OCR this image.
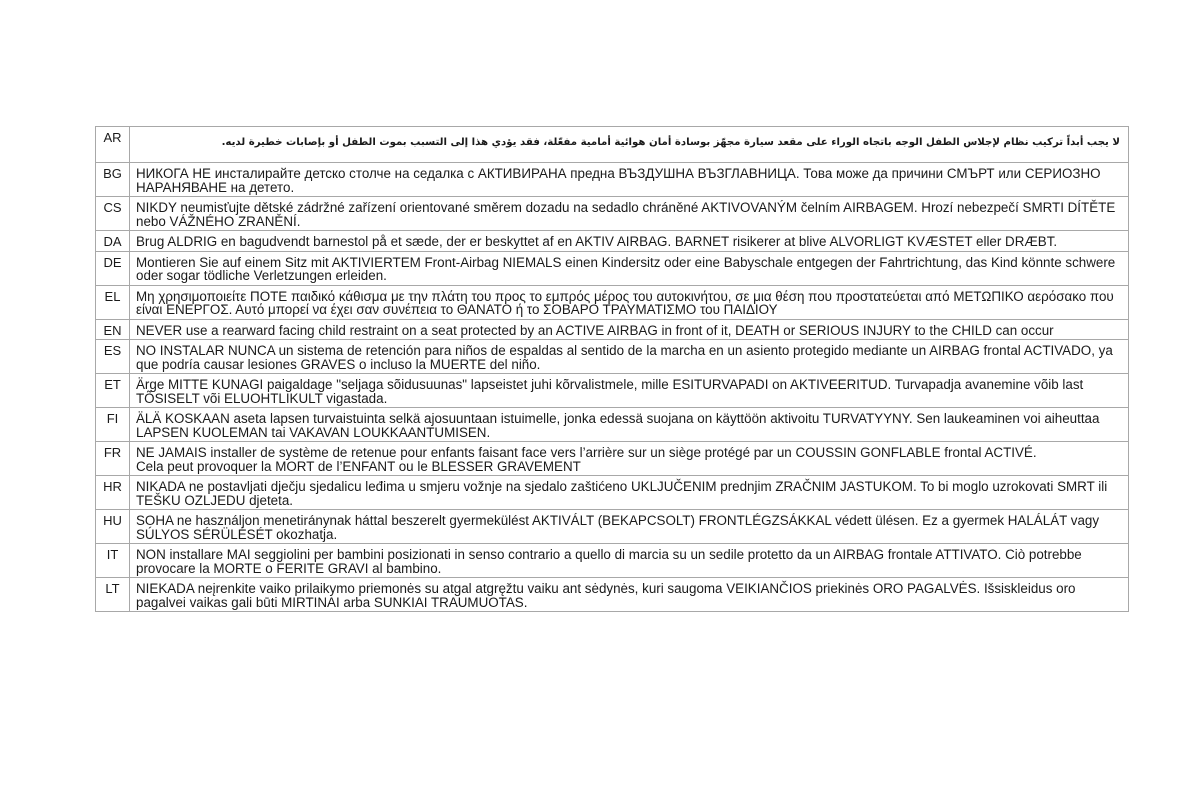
AR	لا يجب أبداً تركيب نظام لإجلاس الطفل الوجه باتجاه الوراء على مقعد سيارة مجهّز بوسادة أمان هوائية أمامية مفعّلة، فقد يؤدي هذا إلى التسبب بموت الطفل أو بإصابات خطيرة لديه.
BG	НИКОГА НЕ инсталирайте детско столче на седалка с АКТИВИРАНА предна ВЪЗДУШНА ВЪЗГЛАВНИЦА. Това може да причини СМЪРТ или СЕРИОЗНО НАРАНЯВАНЕ на детето.
CS	NIKDY neumisťujte dětské zádržné zařízení orientované směrem dozadu na sedadlo chráněné AKTIVOVANÝM čelním AIRBAGEM. Hrozí nebezpečí SMRTI DÍTĚTE nebo VÁŽNÉHO ZRANĚNÍ.
DA	Brug ALDRIG en bagudvendt barnestol på et sæde, der er beskyttet af en AKTIV AIRBAG. BARNET risikerer at blive ALVORLIGT KVÆSTET eller DRÆBT.
DE	Montieren Sie auf einem Sitz mit AKTIVIERTEM Front-Airbag NIEMALS einen Kindersitz oder eine Babyschale entgegen der Fahrtrichtung, das Kind könnte schwere oder sogar tödliche Verletzungen erleiden.
EL	Μη χρησιμοποιείτε ΠΟΤΕ παιδικό κάθισμα με την πλάτη του προς το εμπρός μέρος του αυτοκινήτου, σε μια θέση που προστατεύεται από ΜΕΤΩΠΙΚΟ αερόσακο που είναι ΕΝΕΡΓΟΣ. Αυτό μπορεί να έχει σαν συνέπεια το ΘΑΝΑΤΟ ή το ΣΟΒΑΡΟ ΤΡΑΥΜΑΤΙΣΜΟ του ΠΑΙΔΙΟΥ
EN	NEVER use a rearward facing child restraint on a seat protected by an ACTIVE AIRBAG in front of it, DEATH or SERIOUS INJURY to the CHILD can occur
ES	NO INSTALAR NUNCA un sistema de retención para niños de espaldas al sentido de la marcha en un asiento protegido mediante un AIRBAG frontal ACTIVADO, ya que podría causar lesiones GRAVES o incluso la MUERTE del niño.
ET	Ärge MITTE KUNAGI paigaldage "seljaga sõidusuunas" lapseistet juhi kõrvalistmele, mille ESITURVAPADI on AKTIVEERITUD. Turvapadja avanemine võib last TÕSISELT või ELUOHTLIKULT vigastada.
FI	ÄLÄ KOSKAAN aseta lapsen turvaistuinta selkä ajosuuntaan istuimelle, jonka edessä suojana on käyttöön aktivoitu TURVATYYNY. Sen laukeaminen voi aiheuttaa LAPSEN KUOLEMAN tai VAKAVAN LOUKKAANTUMISEN.
FR	NE JAMAIS installer de système de retenue pour enfants faisant face vers l’arrière sur un siège protégé par un COUSSIN GONFLABLE frontal ACTIVÉ.
Cela peut provoquer la MORT de l’ENFANT ou le BLESSER GRAVEMENT

HR	NIKADA ne postavljati dječju sjedalicu leđima u smjeru vožnje na sjedalo zaštićeno UKLJUČENIM prednjim ZRAČNIM JASTUKOM. To bi moglo uzrokovati SMRT ili TEŠKU OZLJEDU djeteta.
HU	SOHA ne használjon menetiránynak háttal beszerelt gyermekülést AKTIVÁLT (BEKAPCSOLT) FRONTLÉGZSÁKKAL védett ülésen. Ez a gyermek HALÁLÁT vagy SÚLYOS SÉRÜLÉSÉT okozhatja.
IT	NON installare MAI seggiolini per bambini posizionati in senso contrario a quello di marcia su un sedile protetto da un AIRBAG frontale ATTIVATO. Ciò potrebbe provocare la MORTE o FERITE GRAVI al bambino.
LT	NIEKADA neįrenkite vaiko prilaikymo priemonės su atgal atgręžtu vaiku ant sėdynės, kuri saugoma VEIKIANČIOS priekinės ORO PAGALVĖS. Išsiskleidus oro pagalvei vaikas gali būti MIRTINAI arba SUNKIAI TRAUMUOTAS.
